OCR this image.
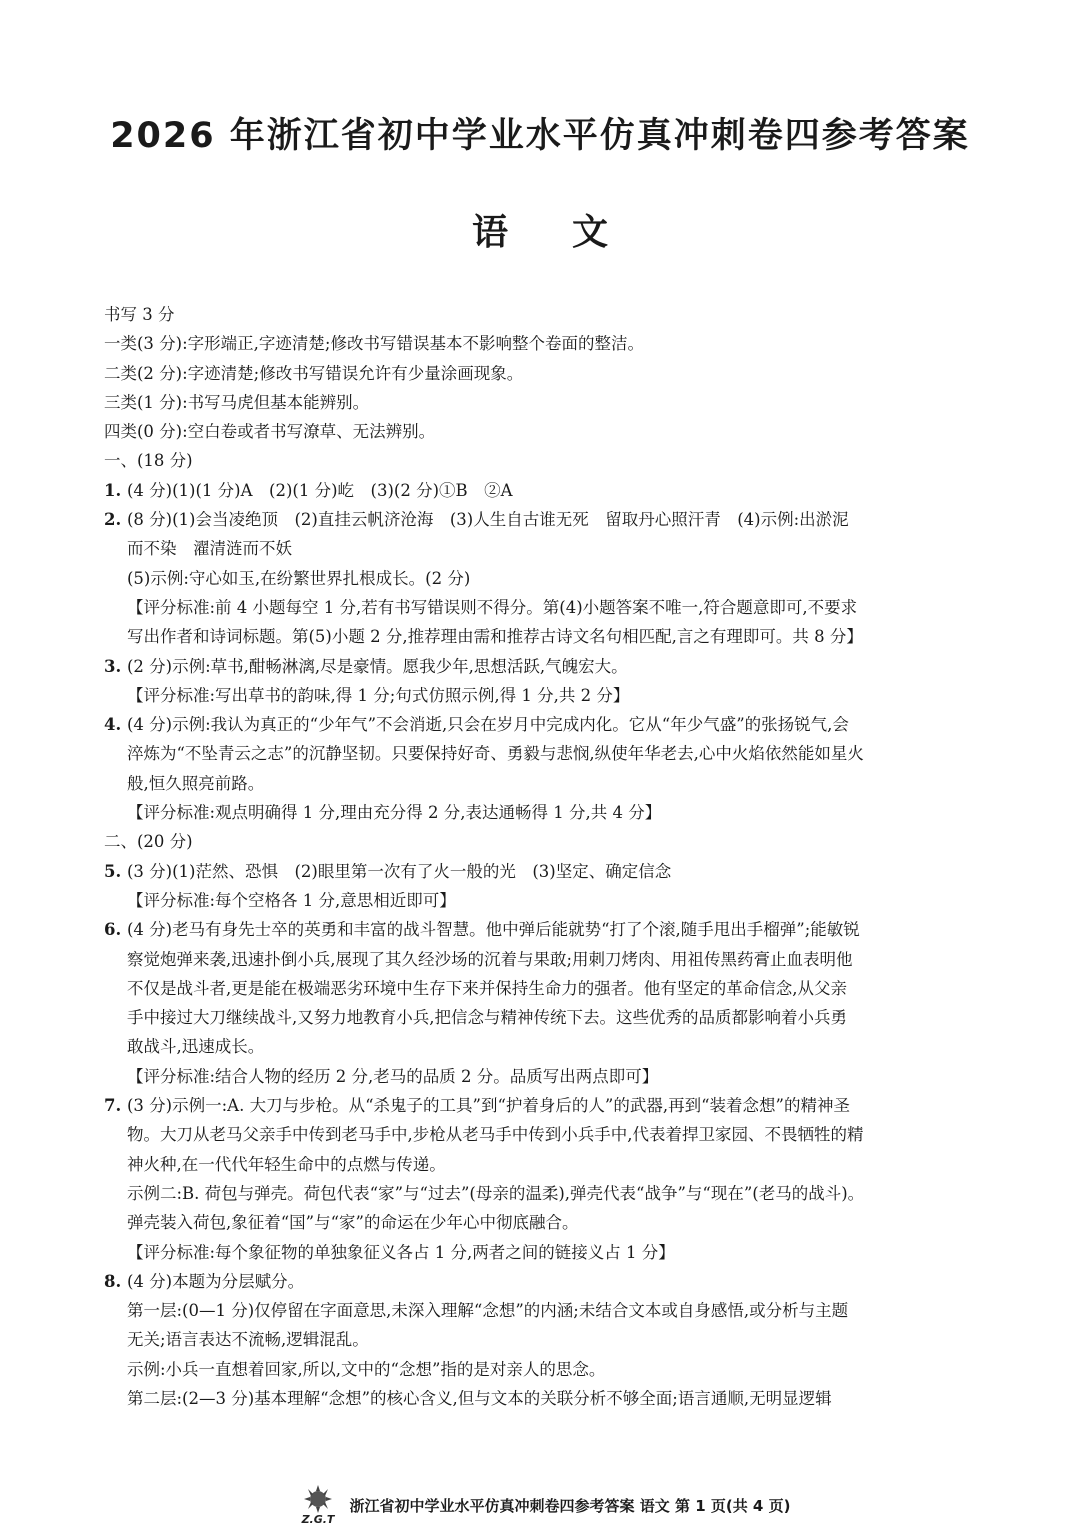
2026 年浙江省初中学业水平仿真冲刺卷四参考答案
语文
书写 3 分
一类(3 分):字形端正,字迹清楚;修改书写错误基本不影响整个卷面的整洁。
二类(2 分):字迹清楚;修改书写错误允许有少量涂画现象。
三类(1 分):书写马虎但基本能辨别。
四类(0 分):空白卷或者书写潦草、无法辨别。
一、(18 分)
1. (4 分)(1)(1 分)A　(2)(1 分)屹　(3)(2 分)①B　②A
2. (8 分)(1)会当凌绝顶　(2)直挂云帆济沧海　(3)人生自古谁无死　留取丹心照汗青　(4)示例:出淤泥
而不染　濯清涟而不妖
(5)示例:守心如玉,在纷繁世界扎根成长。(2 分)
【评分标准:前 4 小题每空 1 分,若有书写错误则不得分。第(4)小题答案不唯一,符合题意即可,不要求
写出作者和诗词标题。第(5)小题 2 分,推荐理由需和推荐古诗文名句相匹配,言之有理即可。共 8 分】
3. (2 分)示例:草书,酣畅淋漓,尽是豪情。愿我少年,思想活跃,气魄宏大。
【评分标准:写出草书的韵味,得 1 分;句式仿照示例,得 1 分,共 2 分】
4. (4 分)示例:我认为真正的“少年气”不会消逝,只会在岁月中完成内化。它从“年少气盛”的张扬锐气,会
淬炼为“不坠青云之志”的沉静坚韧。只要保持好奇、勇毅与悲悯,纵使年华老去,心中火焰依然能如星火
般,恒久照亮前路。
【评分标准:观点明确得 1 分,理由充分得 2 分,表达通畅得 1 分,共 4 分】
二、(20 分)
5. (3 分)(1)茫然、恐惧　(2)眼里第一次有了火一般的光　(3)坚定、确定信念
【评分标准:每个空格各 1 分,意思相近即可】
6. (4 分)老马有身先士卒的英勇和丰富的战斗智慧。他中弹后能就势“打了个滚,随手甩出手榴弹”;能敏锐
察觉炮弹来袭,迅速扑倒小兵,展现了其久经沙场的沉着与果敢;用刺刀烤肉、用祖传黑药膏止血表明他
不仅是战斗者,更是能在极端恶劣环境中生存下来并保持生命力的强者。他有坚定的革命信念,从父亲
手中接过大刀继续战斗,又努力地教育小兵,把信念与精神传统下去。这些优秀的品质都影响着小兵勇
敢战斗,迅速成长。
【评分标准:结合人物的经历 2 分,老马的品质 2 分。品质写出两点即可】
7. (3 分)示例一:A. 大刀与步枪。从“杀鬼子的工具”到“护着身后的人”的武器,再到“装着念想”的精神圣
物。大刀从老马父亲手中传到老马手中,步枪从老马手中传到小兵手中,代表着捍卫家园、不畏牺牲的精
神火种,在一代代年轻生命中的点燃与传递。
示例二:B. 荷包与弹壳。荷包代表“家”与“过去”(母亲的温柔),弹壳代表“战争”与“现在”(老马的战斗)。
弹壳装入荷包,象征着“国”与“家”的命运在少年心中彻底融合。
【评分标准:每个象征物的单独象征义各占 1 分,两者之间的链接义占 1 分】
8. (4 分)本题为分层赋分。
第一层:(0—1 分)仅停留在字面意思,未深入理解“念想”的内涵;未结合文本或自身感悟,或分析与主题
无关;语言表达不流畅,逻辑混乱。
示例:小兵一直想着回家,所以,文中的“念想”指的是对亲人的思念。
第二层:(2—3 分)基本理解“念想”的核心含义,但与文本的关联分析不够全面;语言通顺,无明显逻辑
Z.G.T
浙江省初中学业水平仿真冲刺卷四参考答案 语文 第 1 页(共 4 页)
